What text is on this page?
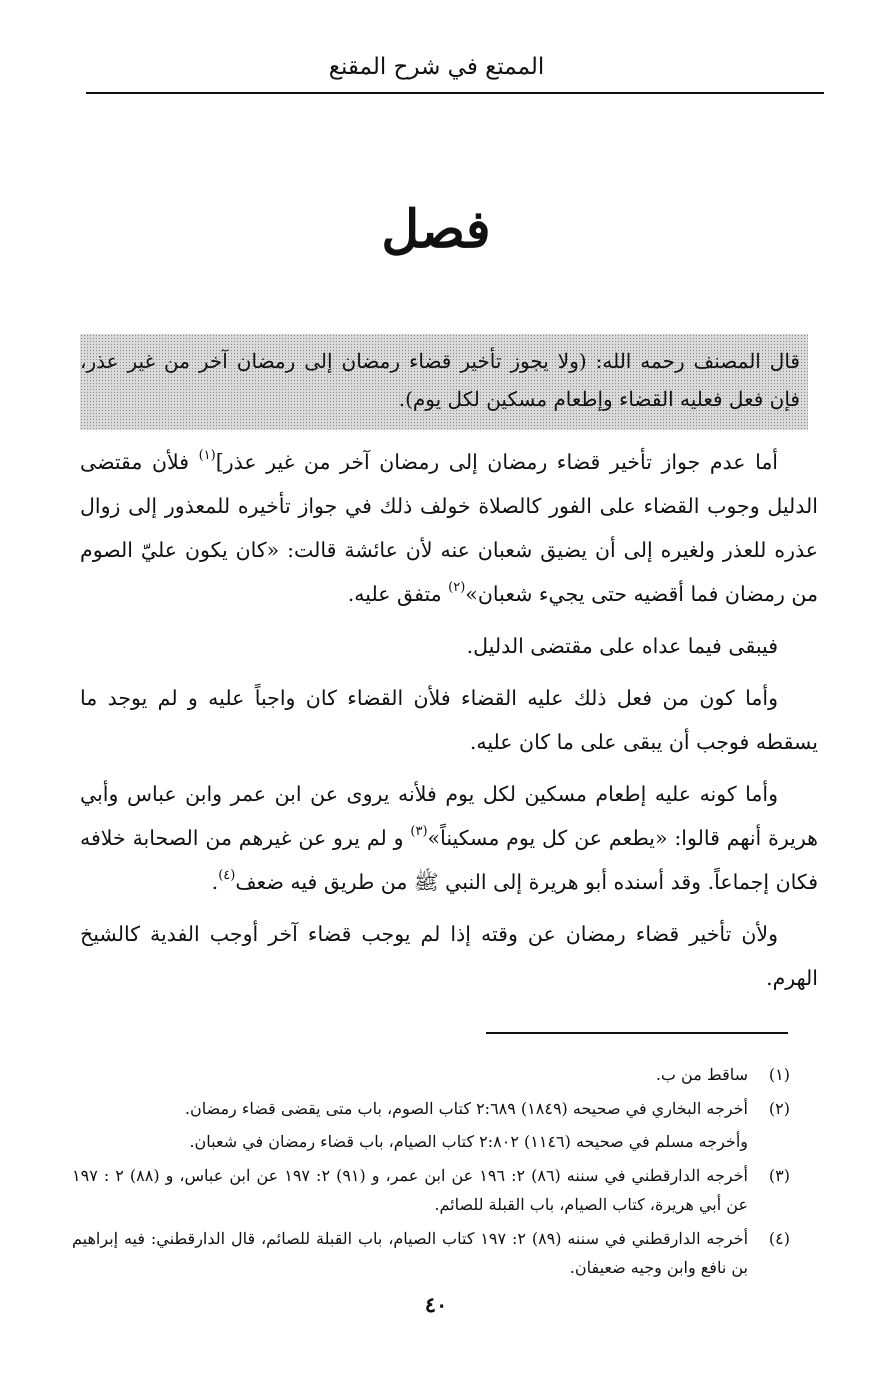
الممتع في شرح المقنع
فصل
قال المصنف رحمه الله: (ولا يجوز تأخير قضاء رمضان إلى رمضان آخر من غير عذر، فإن فعل فعليه القضاء وإطعام مسكين لكل يوم).

أما عدم جواز تأخير قضاء رمضان إلى رمضان آخر من غير عذر]$^{(١)}$ فلأن مقتضى الدليل وجوب القضاء على الفور كالصلاة خولف ذلك في جواز تأخيره للمعذور إلى زوال عذره للعذر ولغيره إلى أن يضيق شعبان عنه لأن عائشة قالت: «كان يكون عليّ الصوم من رمضان فما أقضيه حتى يجيء شعبان»$^{(٢)}$ متفق عليه.

فيبقى فيما عداه على مقتضى الدليل.

وأما كون من فعل ذلك عليه القضاء فلأن القضاء كان واجباً عليه و لم يوجد ما يسقطه فوجب أن يبقى على ما كان عليه.

وأما كونه عليه إطعام مسكين لكل يوم فلأنه يروى عن ابن عمر وابن عباس وأبي هريرة أنهم قالوا: «يطعم عن كل يوم مسكيناً»$^{(٣)}$ و لم يرو عن غيرهم من الصحابة خلافه فكان إجماعاً. وقد أسنده أبو هريرة إلى النبي ﷺ من طريق فيه ضعف$^{(٤)}$.

ولأن تأخير قضاء رمضان عن وقته إذا لم يوجب قضاء آخر أوجب الفدية كالشيخ الهرم.

(١)
ساقط من ب.
(٢)
أخرجه البخاري في صحيحه (١٨٤٩) ٢:٦٨٩ كتاب الصوم، باب متى يقضى قضاء رمضان.
وأخرجه مسلم في صحيحه (١١٤٦) ٢:٨٠٢ كتاب الصيام، باب قضاء رمضان في شعبان.
(٣)
أخرجه الدارقطني في سننه (٨٦) ٢: ١٩٦ عن ابن عمر، و (٩١) ٢: ١٩٧ عن ابن عباس، و (٨٨) ٢ : ١٩٧ عن أبي هريرة، كتاب الصيام، باب القبلة للصائم.
(٤)
أخرجه الدارقطني في سننه (٨٩) ٢: ١٩٧ كتاب الصيام، باب القبلة للصائم، قال الدارقطني: فيه إبراهيم بن نافع وابن وجيه ضعيفان.
٤٠
